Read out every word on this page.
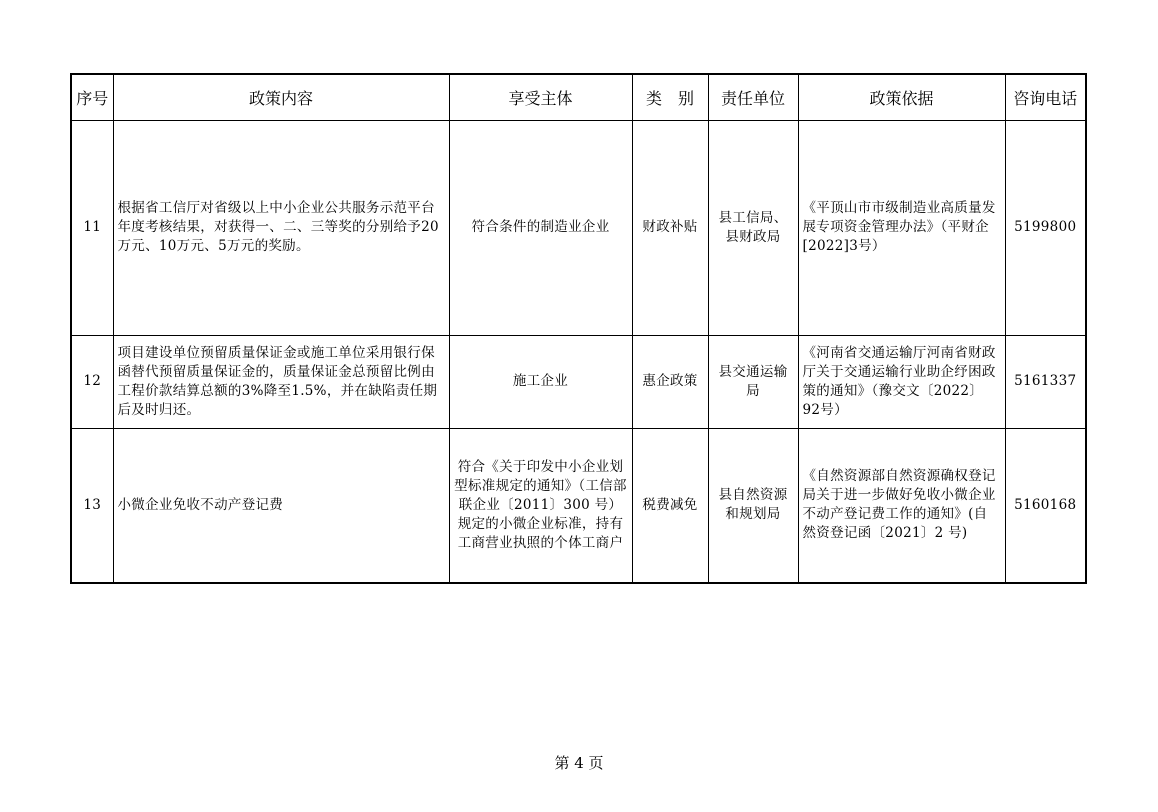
序号	政策内容	享受主体	类　别	责任单位	政策依据	咨询电话
11	根据省工信厅对省级以上中小企业公共服务示范平台年度考核结果，对获得一、二、三等奖的分别给予20万元、10万元、5万元的奖励。	符合条件的制造业企业	财政补贴	县工信局、县财政局	《平顶山市市级制造业高质量发展专项资金管理办法》（平财企[2022]3号）	5199800
12	项目建设单位预留质量保证金或施工单位采用银行保函替代预留质量保证金的，质量保证金总预留比例由工程价款结算总额的3%降至1.5%，并在缺陷责任期后及时归还。	施工企业	惠企政策	县交通运输局	《河南省交通运输厅河南省财政厅关于交通运输行业助企纾困政策的通知》（豫交文〔2022〕92号）	5161337
13	小微企业免收不动产登记费	符合《关于印发中小企业划型标准规定的通知》（工信部联企业〔2011〕300 号）规定的小微企业标准，持有工商营业执照的个体工商户	税费减免	县自然资源和规划局	《自然资源部自然资源确权登记局关于进一步做好免收小微企业不动产登记费工作的通知》(自然资登记函〔2021〕2 号)	5160168
第 4 页
